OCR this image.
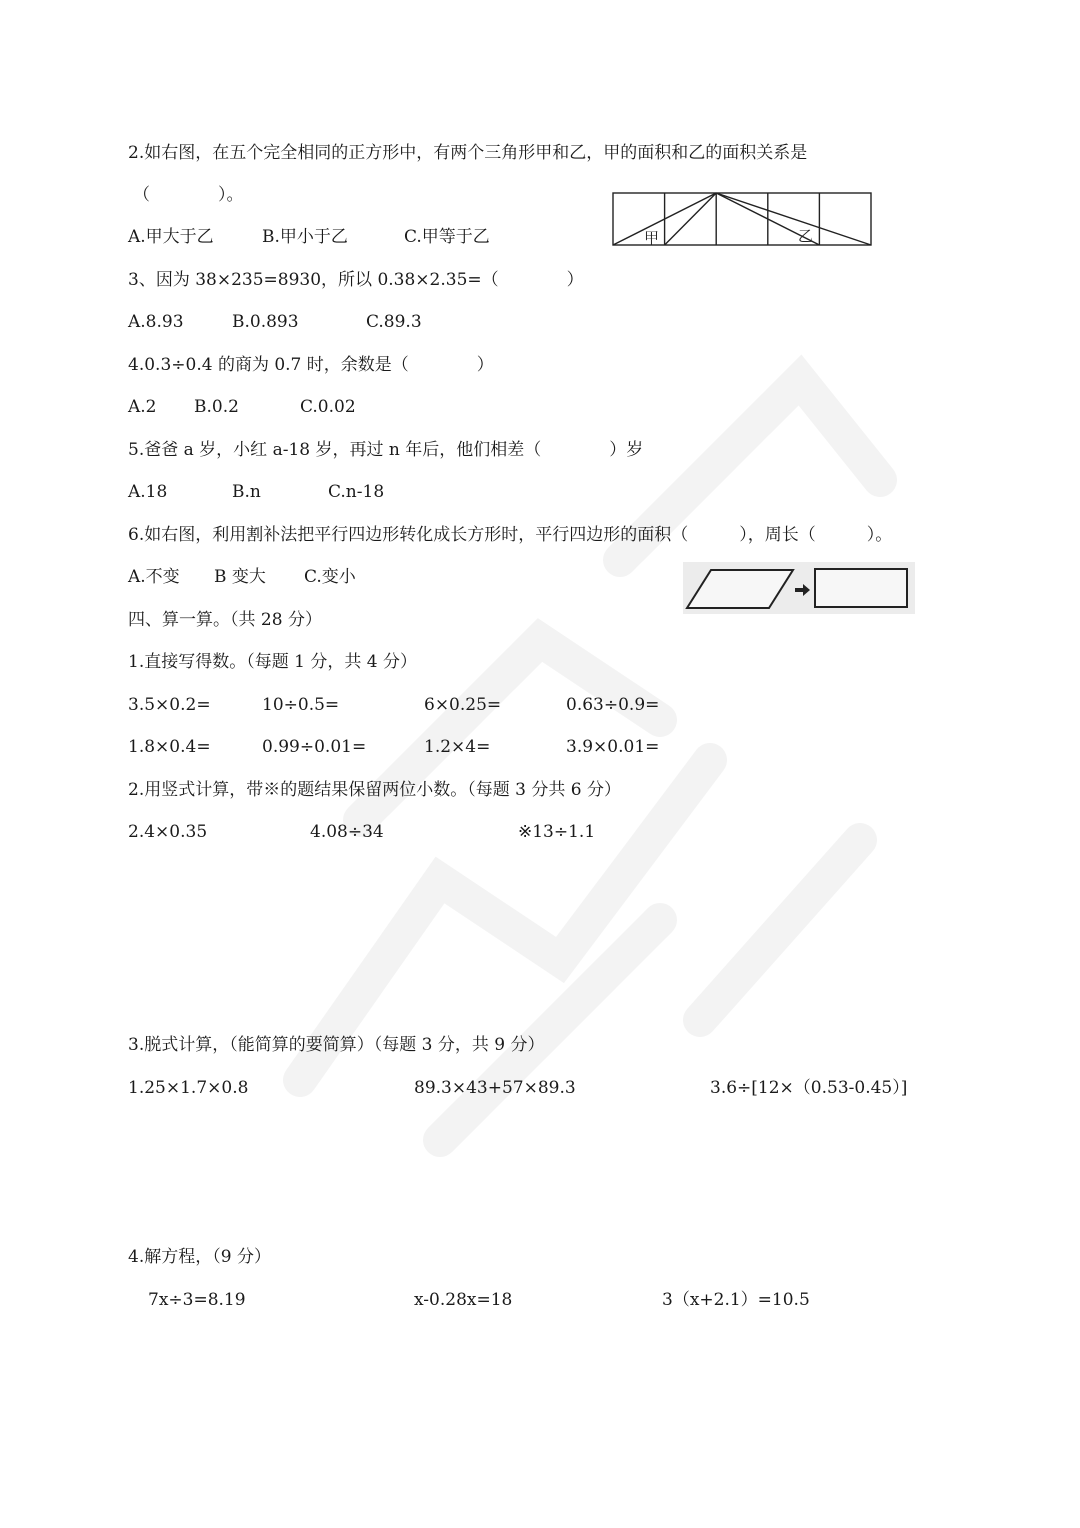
2.如右图，在五个完全相同的正方形中，有两个三角形甲和乙，甲的面积和乙的面积关系是
（　　　　）。
A.甲大于乙	B.甲小于乙	C.甲等于乙	甲	乙
3、因为 38×235=8930，所以 0.38×2.35=（　　　　）
A.8.93	B.0.893	C.89.3
4.0.3÷0.4 的商为 0.7 时，余数是（　　　　）
A.2 B.0.2	C.0.02
5.爸爸 a 岁，小红 a-18 岁，再过 n 年后，他们相差（　　　　）岁
A.18	B.n	C.n-18
6.如右图，利用割补法把平行四边形转化成长方形时，平行四边形的面积（　　　），周长（　　　）。
A.不变 B 变大 C.变小
四、算一算。（共 28 分）
1.直接写得数。（每题 1 分，共 4 分）
3.5×0.2=	10÷0.5=	6×0.25=	0.63÷0.9=
1.8×0.4=	0.99÷0.01=	1.2×4=	3.9×0.01=
2.用竖式计算，带※的题结果保留两位小数。（每题 3 分共 6 分）
2.4×0.35	4.08÷34	※13÷1.1
3.脱式计算，（能简算的要简算）（每题 3 分，共 9 分）
1.25×1.7×0.8	89.3×43+57×89.3	3.6÷[12×（0.53-0.45）]
4.解方程，（9 分）
7x÷3=8.19	x-0.28x=18	3（x+2.1）=10.5
